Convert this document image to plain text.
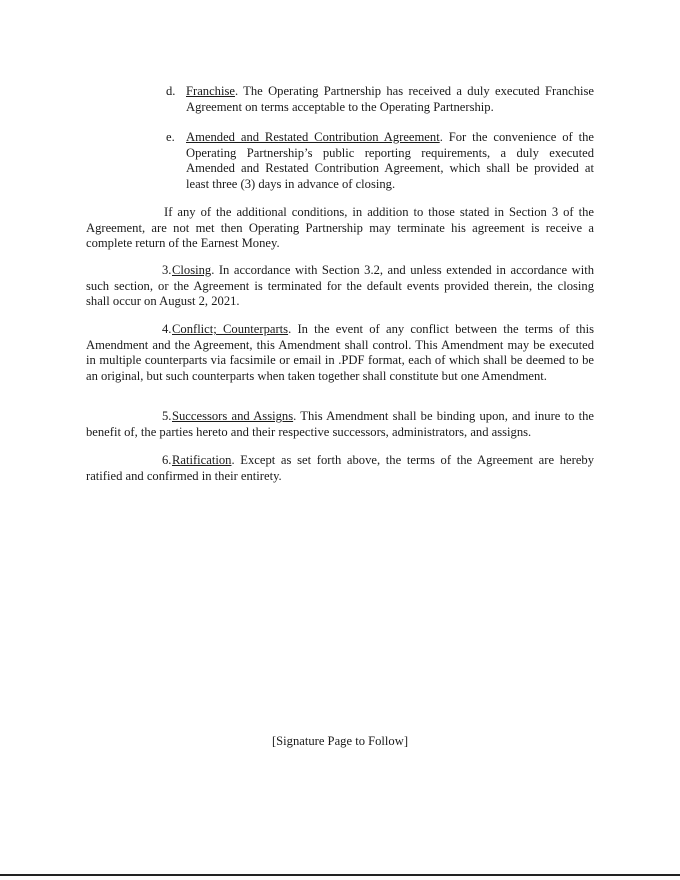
d. Franchise. The Operating Partnership has received a duly executed Franchise Agreement on terms acceptable to the Operating Partnership.
e. Amended and Restated Contribution Agreement. For the convenience of the Operating Partnership’s public reporting requirements, a duly executed Amended and Restated Contribution Agreement, which shall be provided at least three (3) days in advance of closing.
If any of the additional conditions, in addition to those stated in Section 3 of the Agreement, are not met then Operating Partnership may terminate his agreement is receive a complete return of the Earnest Money.
3.Closing. In accordance with Section 3.2, and unless extended in accordance with such section, or the Agreement is terminated for the default events provided therein, the closing shall occur on August 2, 2021.
4.Conflict; Counterparts. In the event of any conflict between the terms of this Amendment and the Agreement, this Amendment shall control. This Amendment may be executed in multiple counterparts via facsimile or email in .PDF format, each of which shall be deemed to be an original, but such counterparts when taken together shall constitute but one Amendment.
5.Successors and Assigns. This Amendment shall be binding upon, and inure to the benefit of, the parties hereto and their respective successors, administrators, and assigns.
6.Ratification. Except as set forth above, the terms of the Agreement are hereby ratified and confirmed in their entirety.
[Signature Page to Follow]
